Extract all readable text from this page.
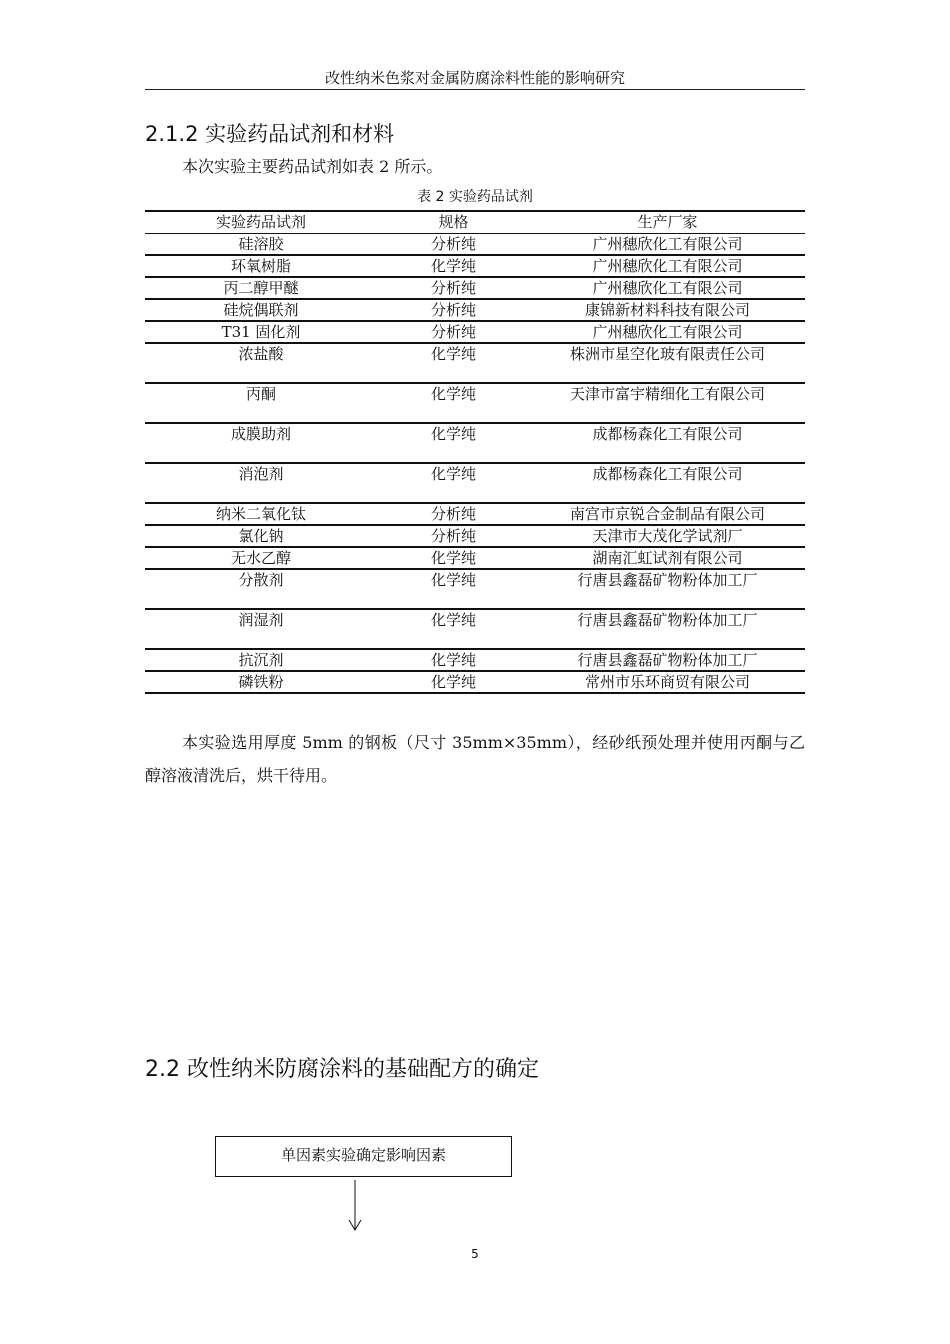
改性纳米色浆对金属防腐涂料性能的影响研究
2.1.2 实验药品试剂和材料
本次实验主要药品试剂如表 2 所示。
表 2 实验药品试剂
实验药品试剂	规格	生产厂家
硅溶胶	分析纯	广州穗欣化工有限公司
环氧树脂	化学纯	广州穗欣化工有限公司
丙二醇甲醚	分析纯	广州穗欣化工有限公司
硅烷偶联剂	分析纯	康锦新材料科技有限公司
T31 固化剂	分析纯	广州穗欣化工有限公司
浓盐酸	化学纯	株洲市星空化玻有限责任公司
丙酮	化学纯	天津市富宇精细化工有限公司
成膜助剂	化学纯	成都杨森化工有限公司
消泡剂	化学纯	成都杨森化工有限公司
纳米二氧化钛	分析纯	南宫市京锐合金制品有限公司
氯化钠	分析纯	天津市大茂化学试剂厂
无水乙醇	化学纯	湖南汇虹试剂有限公司
分散剂	化学纯	行唐县鑫磊矿物粉体加工厂
润湿剂	化学纯	行唐县鑫磊矿物粉体加工厂
抗沉剂	化学纯	行唐县鑫磊矿物粉体加工厂
磷铁粉	化学纯	常州市乐环商贸有限公司
本实验选用厚度 5mm 的钢板（尺寸 35mm×35mm），经砂纸预处理并使用丙酮与乙醇溶液清洗后，烘干待用。
2.2 改性纳米防腐涂料的基础配方的确定
单因素实验确定影响因素
5
